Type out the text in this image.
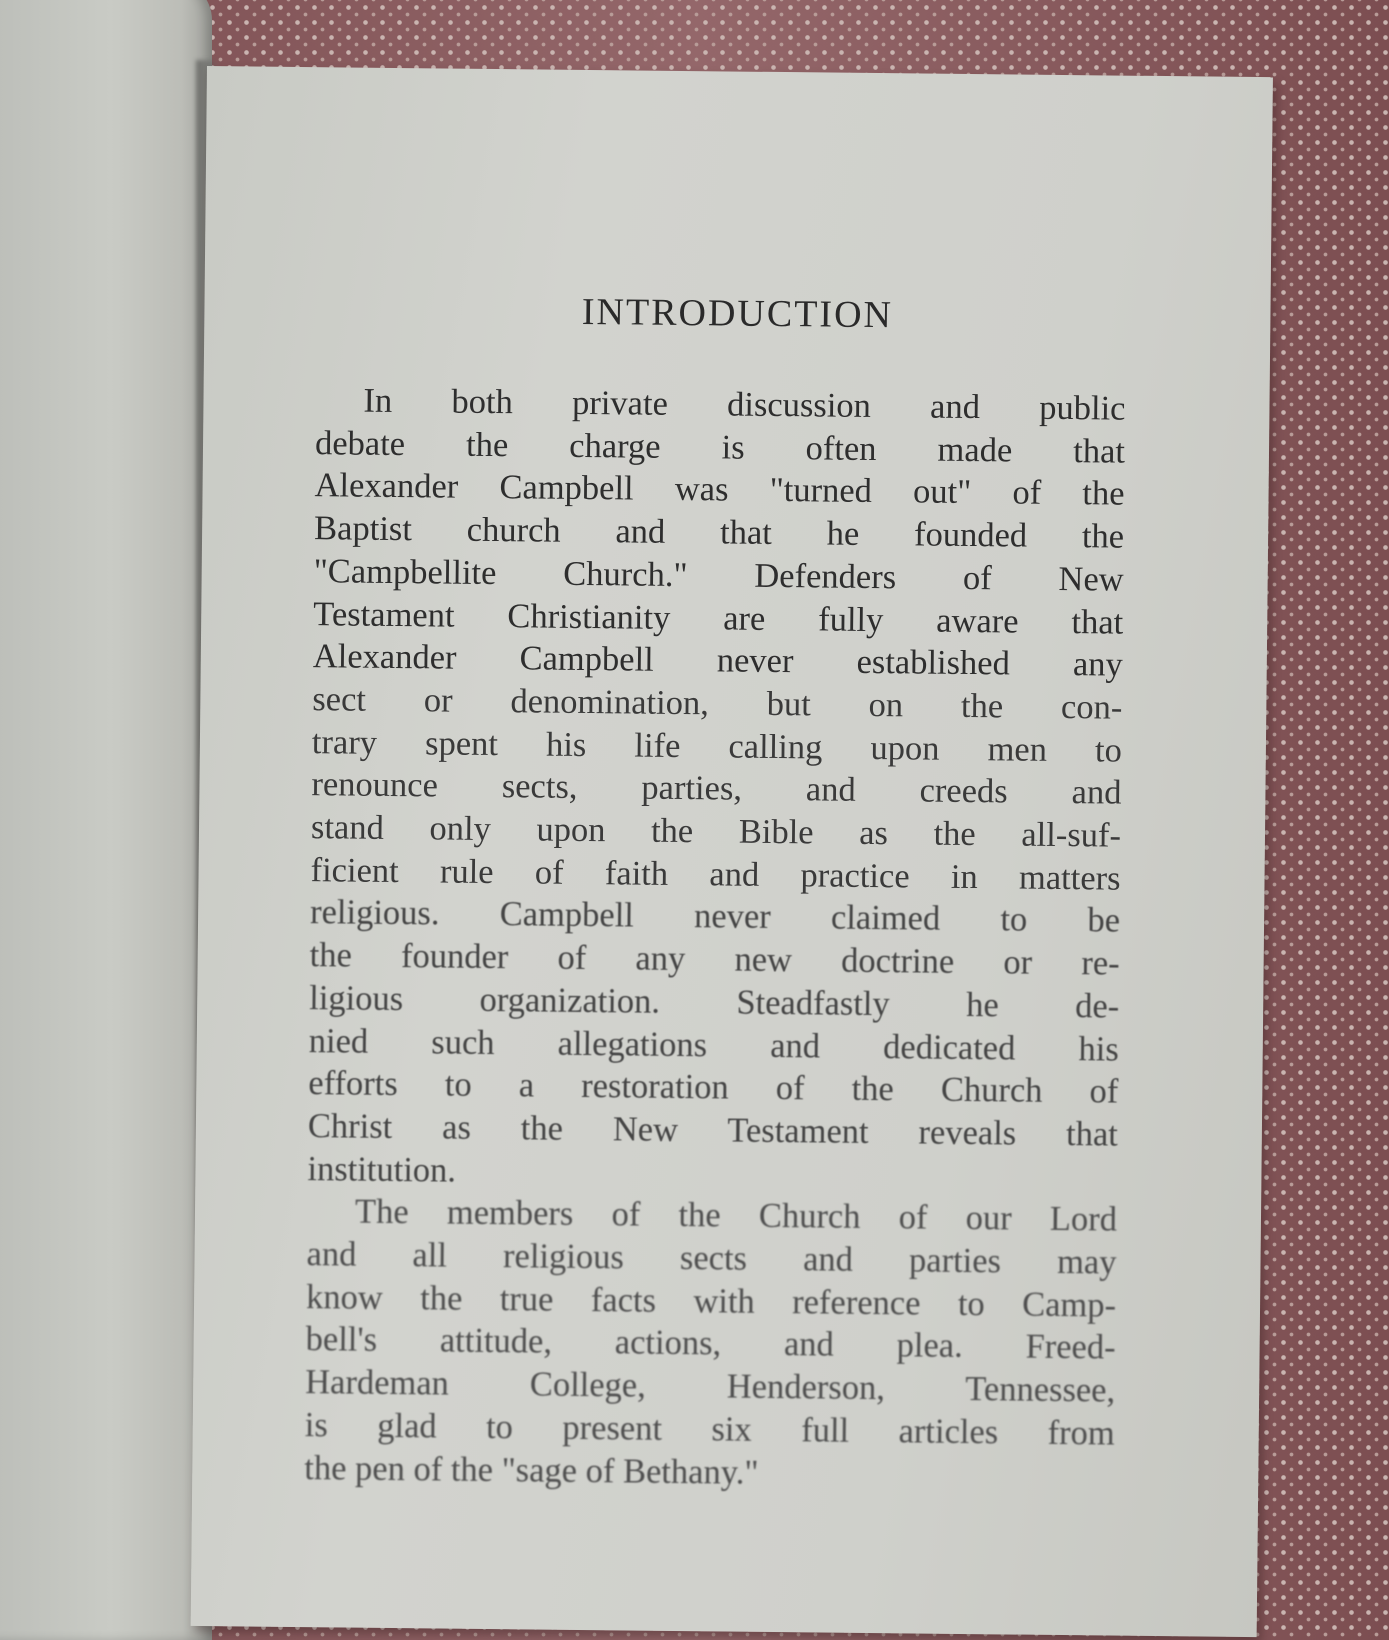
INTRODUCTION
In both private discussion and public
debate the charge is often made that
Alexander Campbell was "turned out" of the
Baptist church and that he founded the
"Campbellite Church." Defenders of New
Testament Christianity are fully aware that
Alexander Campbell never established any
sect or denomination, but on the con-
trary spent his life calling upon men to
renounce sects, parties, and creeds and
stand only upon the Bible as the all-suf-
ficient rule of faith and practice in matters
religious. Campbell never claimed to be
the founder of any new doctrine or re-
ligious organization. Steadfastly he de-
nied such allegations and dedicated his
efforts to a restoration of the Church of
Christ as the New Testament reveals that
institution.
The members of the Church of our Lord
and all religious sects and parties may
know the true facts with reference to Camp-
bell's attitude, actions, and plea. Freed-
Hardeman College, Henderson, Tennessee,
is glad to present six full articles from
the pen of the "sage of Bethany."
